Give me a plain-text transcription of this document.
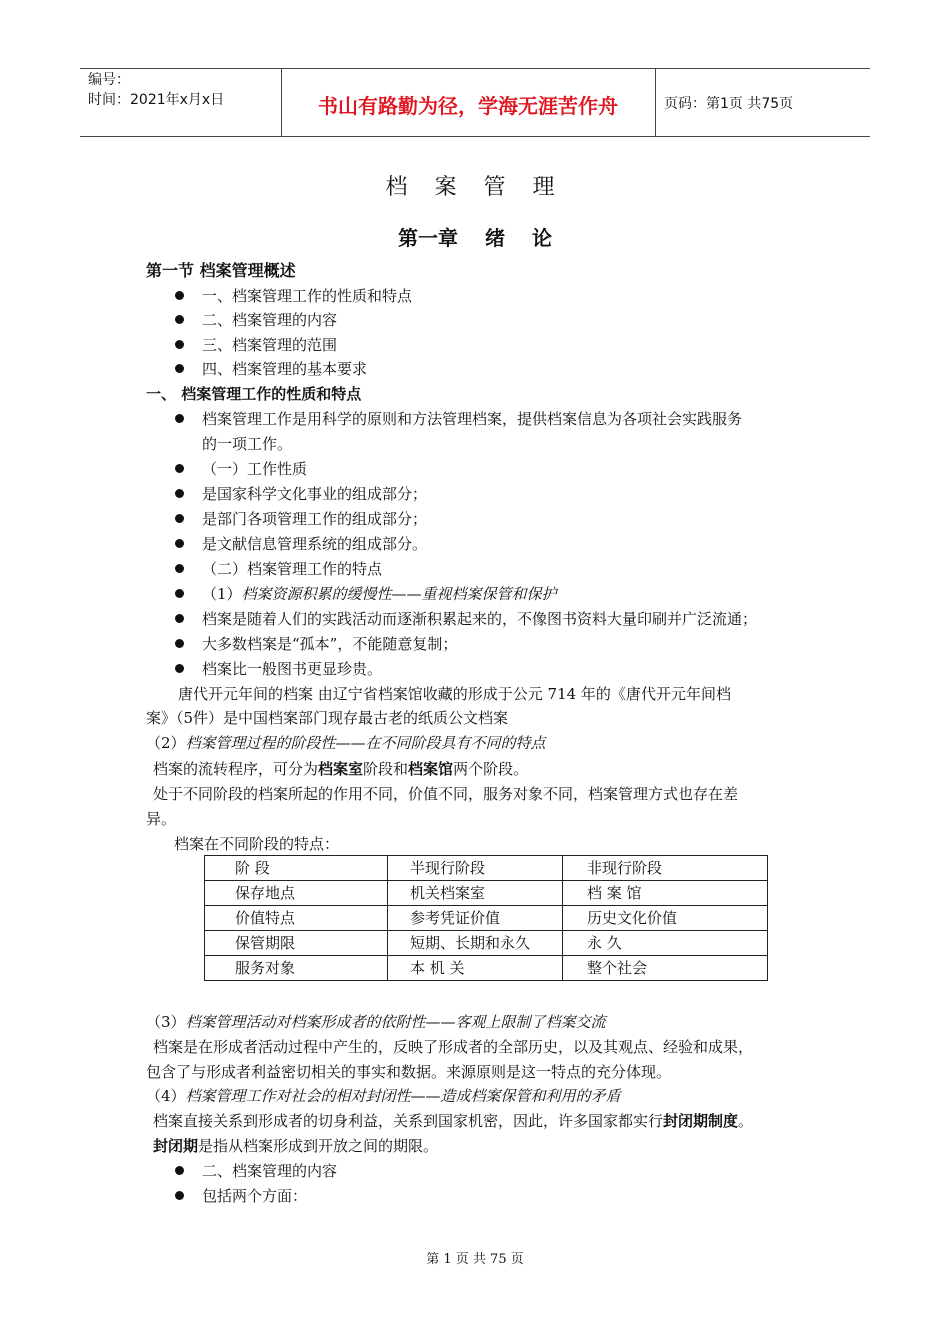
编号：
时间：2021年x月x日	书山有路勤为径，学海无涯苦作舟	页码：第1页 共75页
档 案 管 理
第一章 绪 论
第一节 档案管理概述
一、档案管理工作的性质和特点
二、档案管理的内容
三、档案管理的范围
四、档案管理的基本要求
一、 档案管理工作的性质和特点
档案管理工作是用科学的原则和方法管理档案，提供档案信息为各项社会实践服务
的一项工作。
（一）工作性质
是国家科学文化事业的组成部分；
是部门各项管理工作的组成部分；
是文献信息管理系统的组成部分。
（二）档案管理工作的特点
（1）档案资源积累的缓慢性——重视档案保管和保护
档案是随着人们的实践活动而逐渐积累起来的，不像图书资料大量印刷并广泛流通；
大多数档案是“孤本”，不能随意复制；
档案比一般图书更显珍贵。
唐代开元年间的档案 由辽宁省档案馆收藏的形成于公元 714 年的《唐代开元年间档
案》（5件）是中国档案部门现存最古老的纸质公文档案
（2）档案管理过程的阶段性——在不同阶段具有不同的特点
档案的流转程序，可分为档案室阶段和档案馆两个阶段。
处于不同阶段的档案所起的作用不同，价值不同，服务对象不同，档案管理方式也存在差
异。
档案在不同阶段的特点：
阶 段	半现行阶段	非现行阶段
保存地点	机关档案室	档 案 馆
价值特点	参考凭证价值	历史文化价值
保管期限	短期、长期和永久	永 久
服务对象	本 机 关	整个社会
（3）档案管理活动对档案形成者的依附性——客观上限制了档案交流
档案是在形成者活动过程中产生的，反映了形成者的全部历史，以及其观点、经验和成果，
包含了与形成者利益密切相关的事实和数据。来源原则是这一特点的充分体现。
（4）档案管理工作对社会的相对封闭性——造成档案保管和利用的矛盾
档案直接关系到形成者的切身利益，关系到国家机密，因此，许多国家都实行封闭期制度。
封闭期是指从档案形成到开放之间的期限。
二、档案管理的内容
包括两个方面：
第 1 页 共 75 页
